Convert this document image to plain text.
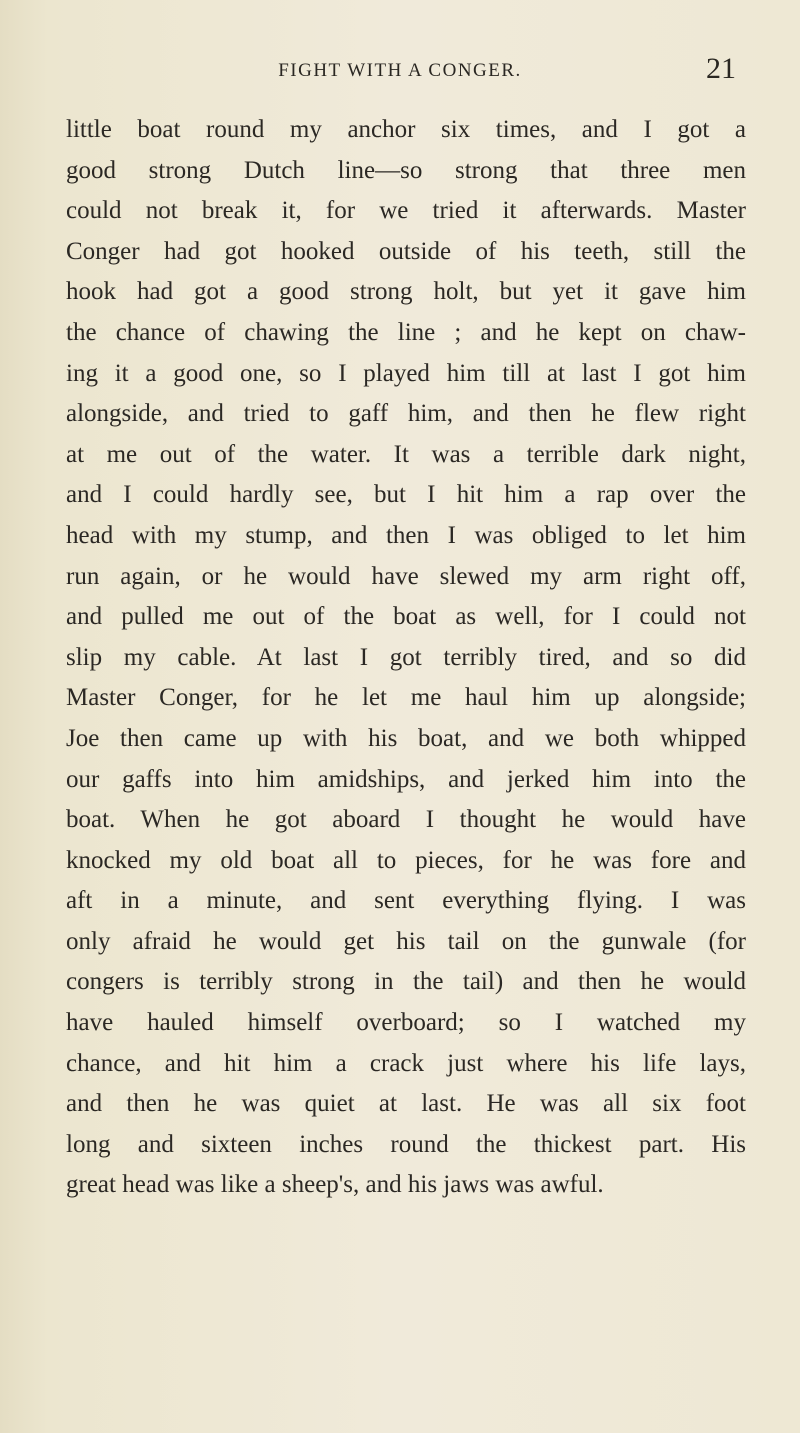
FIGHT WITH A CONGER.	21
little boat round my anchor six times, and I got a
good strong Dutch line—so strong that three men
could not break it, for we tried it afterwards. Master
Conger had got hooked outside of his teeth, still the
hook had got a good strong holt, but yet it gave him
the chance of chawing the line ; and he kept on chaw-
ing it a good one, so I played him till at last I got him
alongside, and tried to gaff him, and then he flew right
at me out of the water. It was a terrible dark night,
and I could hardly see, but I hit him a rap over the
head with my stump, and then I was obliged to let him
run again, or he would have slewed my arm right off,
and pulled me out of the boat as well, for I could not
slip my cable. At last I got terribly tired, and so did
Master Conger, for he let me haul him up alongside;
Joe then came up with his boat, and we both whipped
our gaffs into him amidships, and jerked him into the
boat. When he got aboard I thought he would have
knocked my old boat all to pieces, for he was fore and
aft in a minute, and sent everything flying. I was
only afraid he would get his tail on the gunwale (for
congers is terribly strong in the tail) and then he would
have hauled himself overboard; so I watched my
chance, and hit him a crack just where his life lays,
and then he was quiet at last. He was all six foot
long and sixteen inches round the thickest part. His
great head was like a sheep's, and his jaws was awful.
